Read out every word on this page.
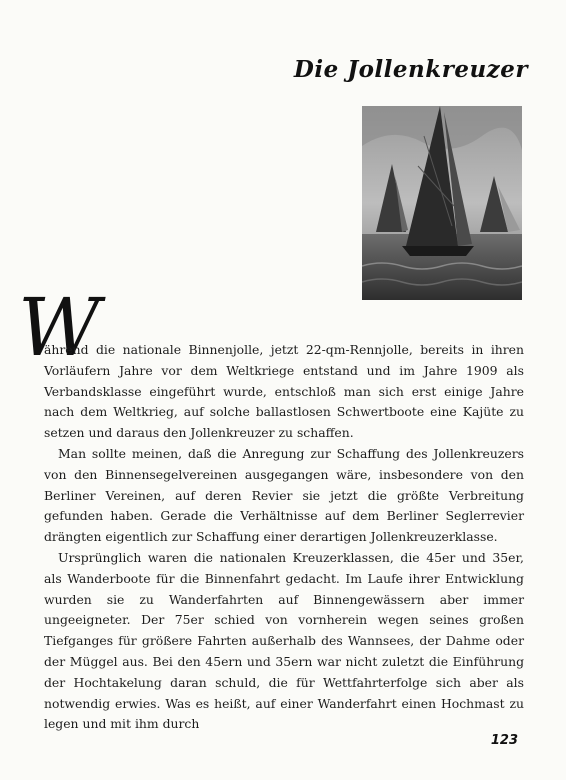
Die Jollenkreuzer
W

ährend die nationale Binnenjolle, jetzt 22-qm-Rennjolle, bereits in ihren Vorläufern Jahre vor dem Weltkriege entstand und im Jahre 1909 als Verbandsklasse eingeführt wurde, entschloß man sich erst einige Jahre nach dem Weltkrieg, auf solche ballastlosen Schwertboote eine Kajüte zu setzen und daraus den Jollenkreuzer zu schaffen.

Man sollte meinen, daß die Anregung zur Schaffung des Jollenkreuzers von den Binnensegelvereinen ausgegangen wäre, insbesondere von den Berliner Vereinen, auf deren Revier sie jetzt die größte Verbreitung gefunden haben. Gerade die Verhältnisse auf dem Berliner Seglerrevier drängten eigentlich zur Schaffung einer derartigen Jollenkreuzerklasse.

Ursprünglich waren die nationalen Kreuzerklassen, die 45er und 35er, als Wanderboote für die Binnenfahrt gedacht. Im Laufe ihrer Entwicklung wurden sie zu Wanderfahrten auf Binnengewässern aber immer ungeeigneter. Der 75er schied von vornherein wegen seines großen Tiefganges für größere Fahrten außerhalb des Wannsees, der Dahme oder der Müggel aus. Bei den 45ern und 35ern war nicht zuletzt die Einführung der Hochtakelung daran schuld, die für Wettfahrterfolge sich aber als notwendig erwies. Was es heißt, auf einer Wanderfahrt einen Hochmast zu legen und mit ihm durch

123
